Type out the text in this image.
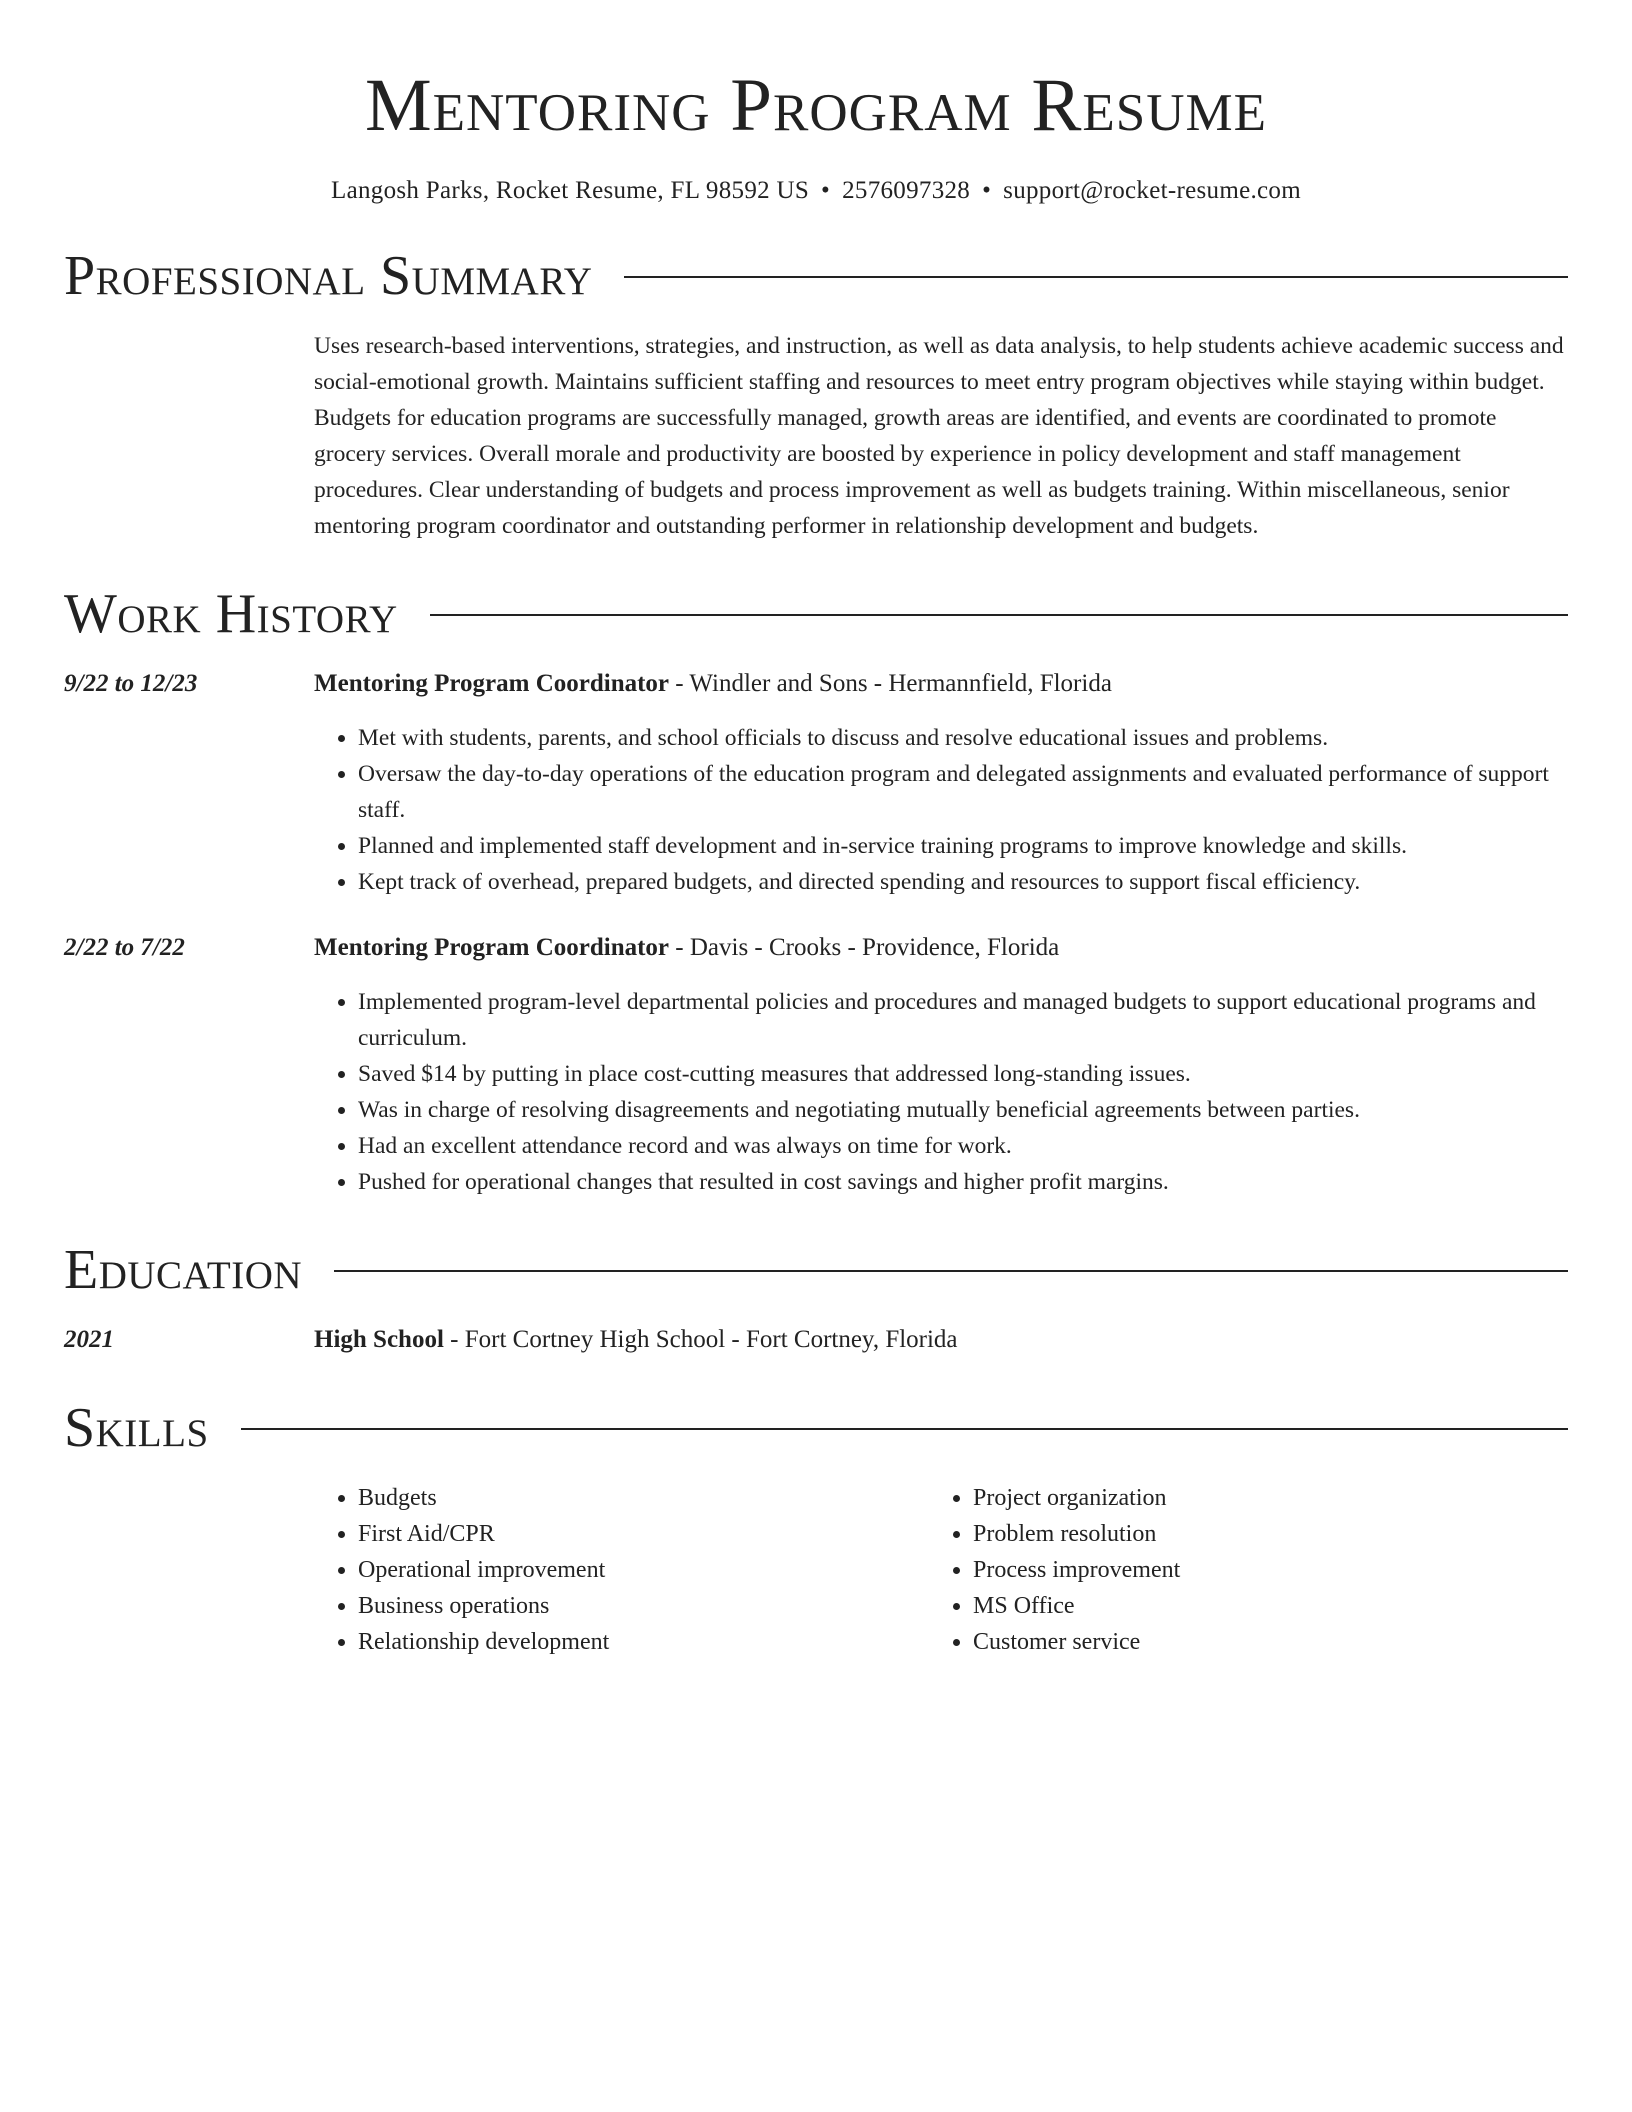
Mentoring Program Resume
Langosh Parks, Rocket Resume, FL 98592 US • 2576097328 • support@rocket-resume.com
Professional Summary
Uses research-based interventions, strategies, and instruction, as well as data analysis, to help students achieve academic success and social-emotional growth. Maintains sufficient staffing and resources to meet entry program objectives while staying within budget. Budgets for education programs are successfully managed, growth areas are identified, and events are coordinated to promote grocery services. Overall morale and productivity are boosted by experience in policy development and staff management procedures. Clear understanding of budgets and process improvement as well as budgets training. Within miscellaneous, senior mentoring program coordinator and outstanding performer in relationship development and budgets.
Work History
9/22 to 12/23	Mentoring Program Coordinator - Windler and Sons - Hermannfield, Florida
• Met with students, parents, and school officials to discuss and resolve educational issues and problems.
• Oversaw the day-to-day operations of the education program and delegated assignments and evaluated performance of support staff.
• Planned and implemented staff development and in-service training programs to improve knowledge and skills.
• Kept track of overhead, prepared budgets, and directed spending and resources to support fiscal efficiency.
2/22 to 7/22	Mentoring Program Coordinator - Davis - Crooks - Providence, Florida
• Implemented program-level departmental policies and procedures and managed budgets to support educational programs and curriculum.
• Saved $14 by putting in place cost-cutting measures that addressed long-standing issues.
• Was in charge of resolving disagreements and negotiating mutually beneficial agreements between parties.
• Had an excellent attendance record and was always on time for work.
• Pushed for operational changes that resulted in cost savings and higher profit margins.
Education
2021	High School - Fort Cortney High School - Fort Cortney, Florida
Skills
• Budgets
• First Aid/CPR
• Operational improvement
• Business operations
• Relationship development
• Project organization
• Problem resolution
• Process improvement
• MS Office
• Customer service
